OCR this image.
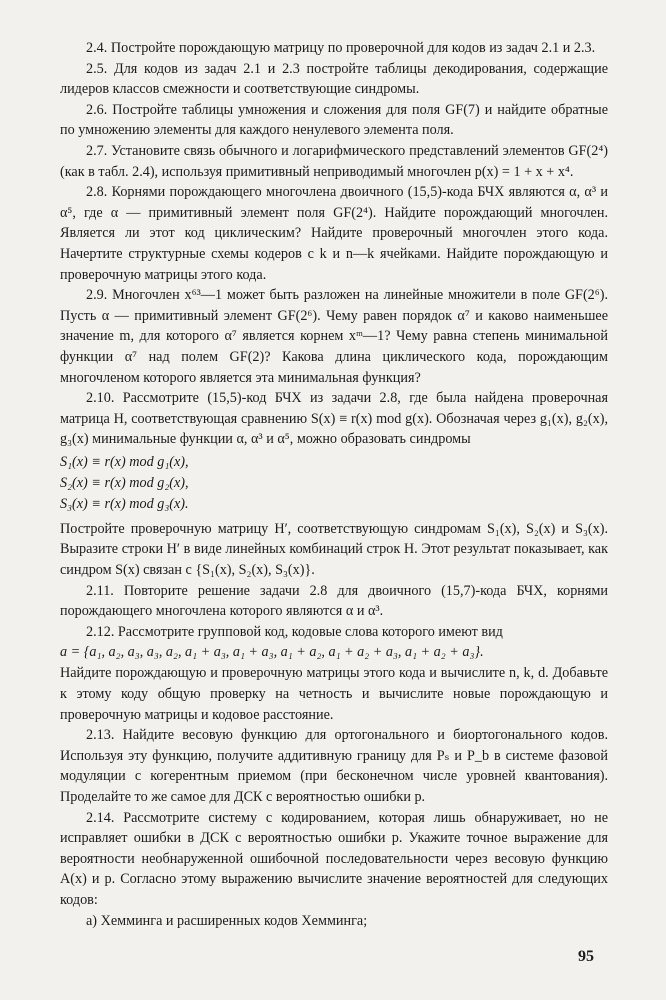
2.4. Постройте порождающую матрицу по проверочной для кодов из задач 2.1 и 2.3.

2.5. Для кодов из задач 2.1 и 2.3 постройте таблицы декодирования, содержащие лидеров классов смежности и соответствующие синдромы.

2.6. Постройте таблицы умножения и сложения для поля GF(7) и найдите обратные по умножению элементы для каждого ненулевого элемента поля.

2.7. Установите связь обычного и логарифмического представлений элементов GF(2⁴) (как в табл. 2.4), используя примитивный неприводимый многочлен p(x) = 1 + x + x⁴.

2.8. Корнями порождающего многочлена двоичного (15,5)-кода БЧХ являются α, α³ и α⁵, где α — примитивный элемент поля GF(2⁴). Найдите порождающий многочлен. Является ли этот код циклическим? Найдите проверочный многочлен этого кода. Начертите структурные схемы кодеров с k и n—k ячейками. Найдите порождающую и проверочную матрицы этого кода.

2.9. Многочлен x⁶³—1 может быть разложен на линейные множители в поле GF(2⁶). Пусть α — примитивный элемент GF(2⁶). Чему равен порядок α⁷ и каково наименьшее значение m, для которого α⁷ является корнем xᵐ—1? Чему равна степень минимальной функции α⁷ над полем GF(2)? Какова длина циклического кода, порождающим многочленом которого является эта минимальная функция?

2.10. Рассмотрите (15,5)-код БЧХ из задачи 2.8, где была найдена проверочная матрица H, соответствующая сравнению S(x) ≡ r(x) mod g(x). Обозначая через g₁(x), g₂(x), g₃(x) минимальные функции α, α³ и α⁵, можно образовать синдромы

S₁(x) ≡ r(x) mod g₁(x),

S₂(x) ≡ r(x) mod g₂(x),

S₃(x) ≡ r(x) mod g₃(x).

Постройте проверочную матрицу H′, соответствующую синдромам S₁(x), S₂(x) и S₃(x). Выразите строки H′ в виде линейных комбинаций строк H. Этот результат показывает, как синдром S(x) связан с {S₁(x), S₂(x), S₃(x)}.

2.11. Повторите решение задачи 2.8 для двоичного (15,7)-кода БЧХ, корнями порождающего многочлена которого являются α и α³.

2.12. Рассмотрите групповой код, кодовые слова которого имеют вид

a = {a₁, a₂, a₃, a₃, a₂, a₁ + a₃, a₁ + a₃, a₁ + a₂, a₁ + a₂ + a₃, a₁ + a₂ + a₃}.

Найдите порождающую и проверочную матрицы этого кода и вычислите n, k, d. Добавьте к этому коду общую проверку на четность и вычислите новые порождающую и проверочную матрицы и кодовое расстояние.

2.13. Найдите весовую функцию для ортогонального и биортогонального кодов. Используя эту функцию, получите аддитивную границу для Pₛ и P_b в системе фазовой модуляции с когерентным приемом (при бесконечном числе уровней квантования). Проделайте то же самое для ДСК с вероятностью ошибки p.

2.14. Рассмотрите систему с кодированием, которая лишь обнаруживает, но не исправляет ошибки в ДСК с вероятностью ошибки p. Укажите точное выражение для вероятности необнаруженной ошибочной последовательности через весовую функцию A(x) и p. Согласно этому выражению вычислите значение вероятностей для следующих кодов:

а) Хемминга и расширенных кодов Хемминга;

95
